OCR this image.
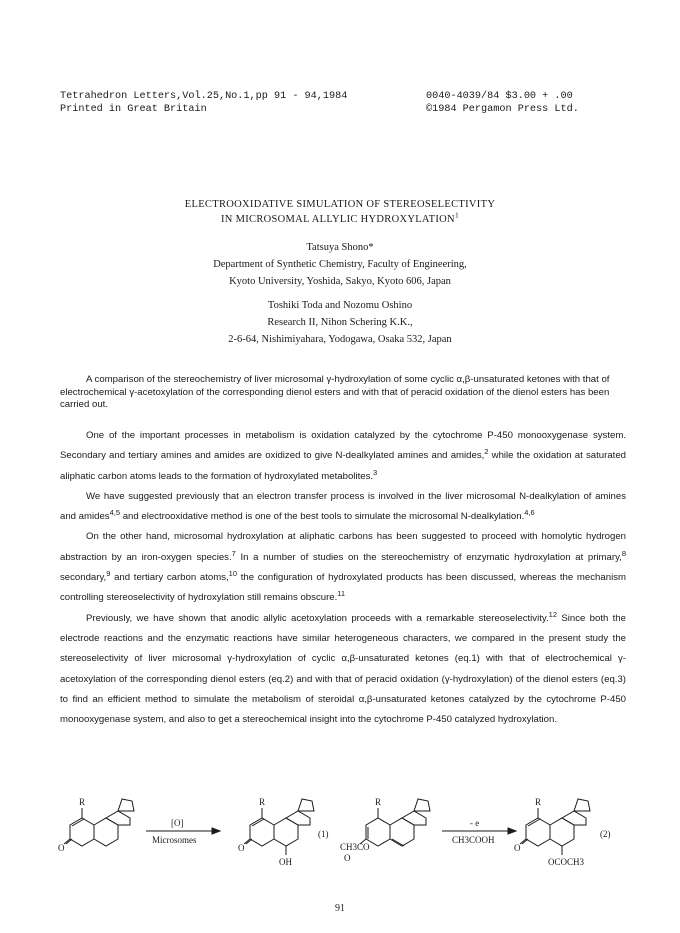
Tetrahedron Letters,Vol.25,No.1,pp 91 - 94,1984
Printed in Great Britain
0040-4039/84 $3.00 + .00
©1984 Pergamon Press Ltd.
ELECTROOXIDATIVE SIMULATION OF STEREOSELECTIVITY
IN MICROSOMAL ALLYLIC HYDROXYLATION$^1$
Tatsuya Shono*
Department of Synthetic Chemistry, Faculty of Engineering,
Kyoto University, Yoshida, Sakyo, Kyoto 606, Japan
Toshiki Toda and Nozomu Oshino
Research II, Nihon Schering K.K.,
2-6-64, Nishimiyahara, Yodogawa, Osaka 532, Japan
A comparison of the stereochemistry of liver microsomal γ-hydroxylation of some cyclic α,β-unsaturated ketones with that of electrochemical γ-acetoxylation of the corresponding dienol esters and with that of peracid oxidation of the dienol esters has been carried out.

One of the important processes in metabolism is oxidation catalyzed by the cytochrome P-450 monooxygenase system. Secondary and tertiary amines and amides are oxidized to give N-dealkylated amines and amides,$^2$ while the oxidation at saturated aliphatic carbon atoms leads to the formation of hydroxylated metabolites.$^3$

We have suggested previously that an electron transfer process is involved in the liver microsomal N-dealkylation of amines and amides$^{4,5}$ and electrooxidative method is one of the best tools to simulate the microsomal N-dealkylation.$^{4,6}$

On the other hand, microsomal hydroxylation at aliphatic carbons has been suggested to proceed with homolytic hydrogen abstraction by an iron-oxygen species.$^7$ In a number of studies on the stereochemistry of enzymatic hydroxylation at primary,$^8$ secondary,$^9$ and tertiary carbon atoms,$^{10}$ the configuration of hydroxylated products has been discussed, whereas the mechanism controlling stereoselectivity of hydroxylation still remains obscure.$^{11}$

Previously, we have shown that anodic allylic acetoxylation proceeds with a remarkable stereoselectivity.$^{12}$ Since both the electrode reactions and the enzymatic reactions have similar heterogeneous characters, we compared in the present study the stereoselectivity of liver microsomal γ-hydroxylation of cyclic α,β-unsaturated ketones (eq.1) with that of electrochemical γ-acetoxylation of the corresponding dienol esters (eq.2) and with that of peracid oxidation (γ-hydroxylation) of the dienol esters (eq.3) to find an efficient method to simulate the metabolism of steroidal α,β-unsaturated ketones catalyzed by the cytochrome P-450 monooxygenase system, and also to get a stereochemical insight into the cytochrome P-450 catalyzed hydroxylation.

R
O
[O]
Microsomes
R
O
OH
(1)
R
CH3CO
O
- e
CH3COOH
R
O
OCOCH3
(2)
91
